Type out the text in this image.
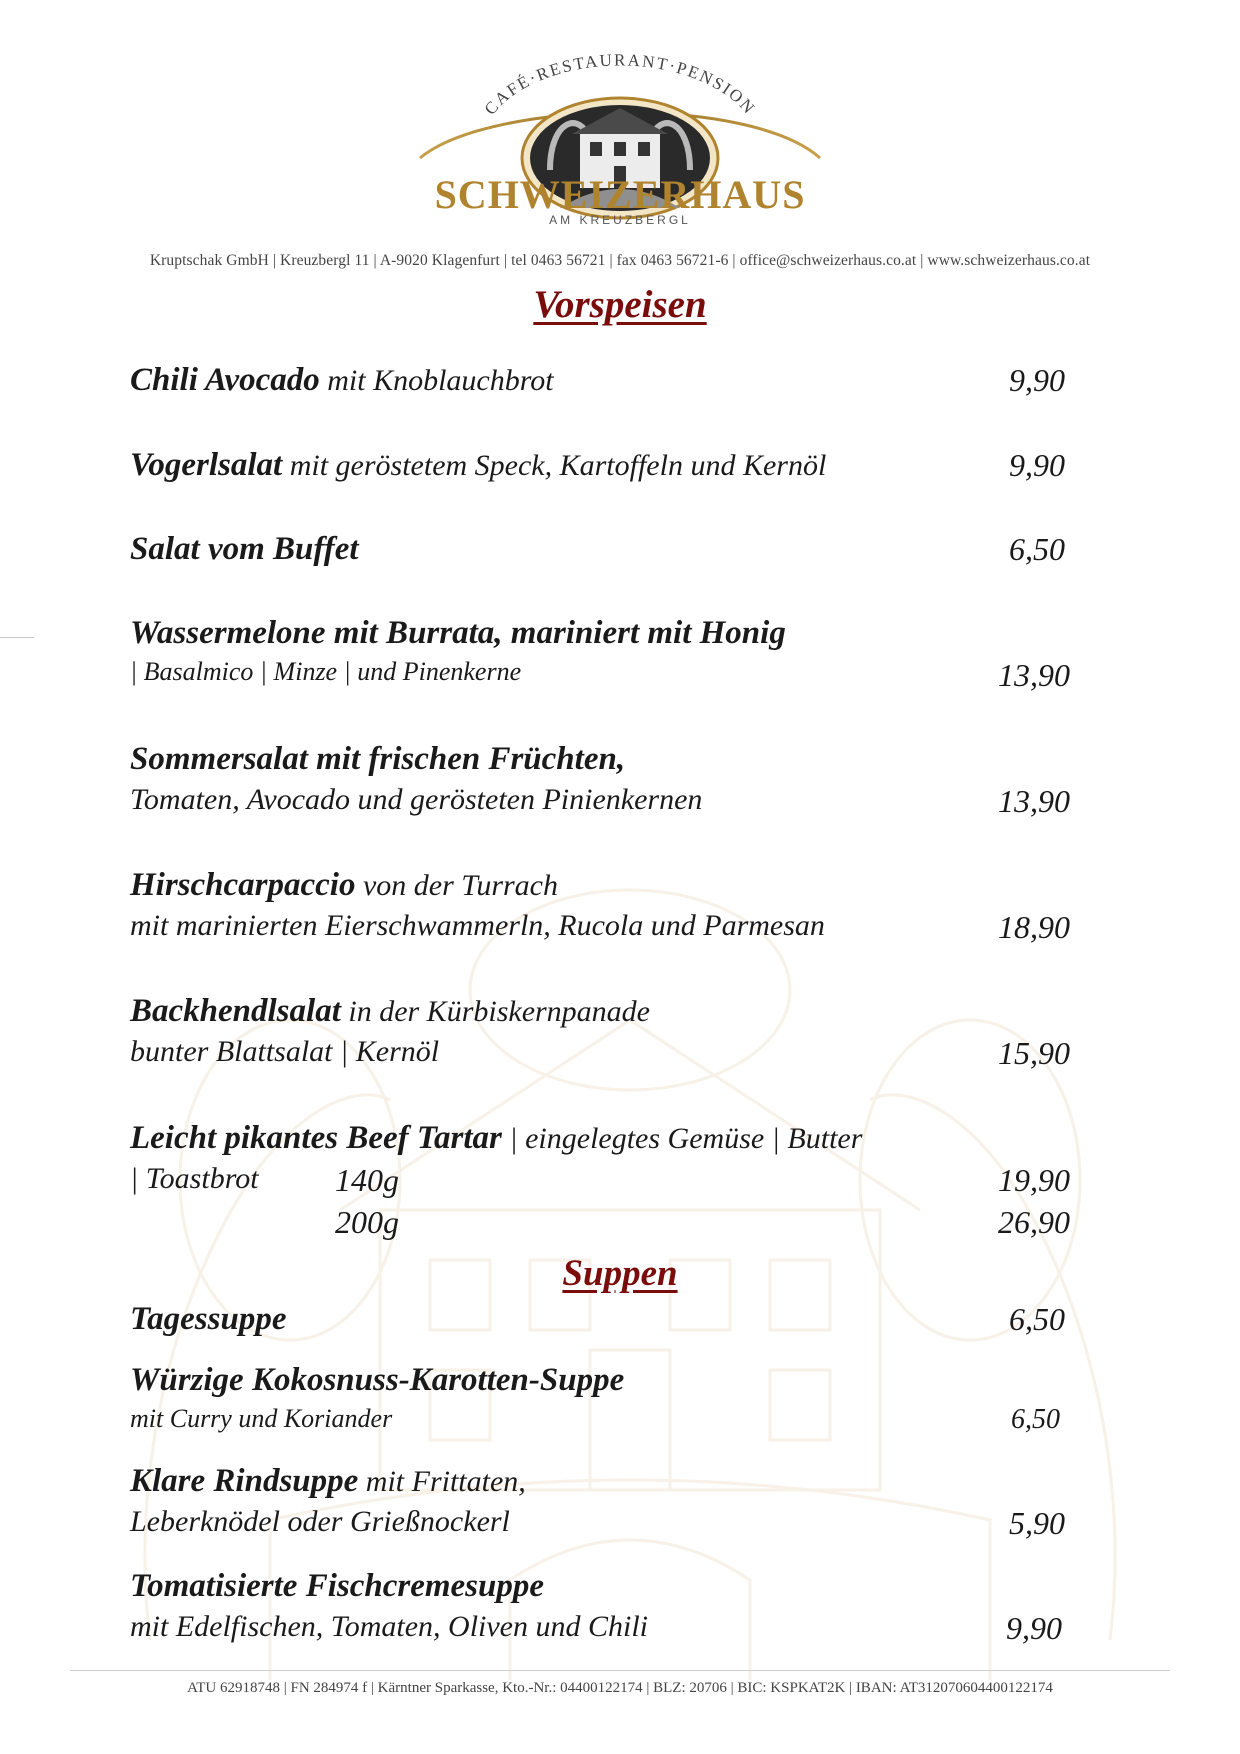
CAFÉ·RESTAURANT·PENSION
SCHWEIZERHAUS
AM KREUZBERGL
Kruptschak GmbH | Kreuzbergl 11 | A-9020 Klagenfurt | tel 0463 56721 | fax 0463 56721-6 | office@schweizerhaus.co.at | www.schweizerhaus.co.at
Vorspeisen
Chili Avocado mit Knoblauchbrot	9,90
Vogerlsalat mit geröstetem Speck, Kartoffeln und Kernöl	9,90
Salat vom Buffet	6,50
Wassermelone mit Burrata, mariniert mit Honig
| Basalmico | Minze | und Pinenkerne	13,90
Sommersalat mit frischen Früchten,
Tomaten, Avocado und gerösteten Pinienkernen	13,90
Hirschcarpaccio von der Turrach
mit marinierten Eierschwammerln, Rucola und Parmesan	18,90
Backhendlsalat in der Kürbiskernpanade
bunter Blattsalat | Kernöl	15,90
Leicht pikantes Beef Tartar | eingelegtes Gemüse | Butter
| Toastbrot 140g	19,90
200g	26,90
Suppen
Tagessuppe	6,50
Würzige Kokosnuss-Karotten-Suppe
mit Curry und Koriander	6,50
Klare Rindsuppe mit Frittaten,
Leberknödel oder Grießnockerl	5,90
Tomatisierte Fischcremesuppe
mit Edelfischen, Tomaten, Oliven und Chili	9,90
ATU 62918748 | FN 284974 f | Kärntner Sparkasse, Kto.-Nr.: 04400122174 | BLZ: 20706 | BIC: KSPKAT2K | IBAN: AT312070604400122174
